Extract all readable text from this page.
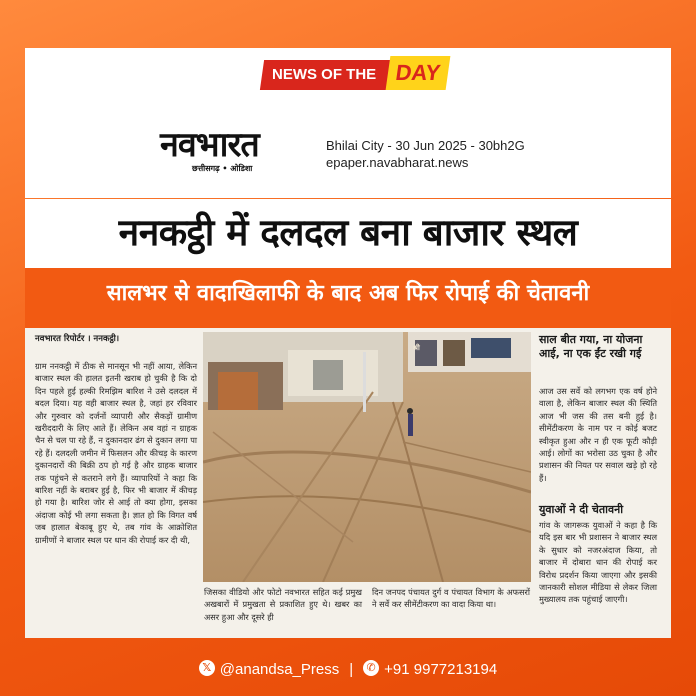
NEWS OF THE DAY
नवभारत
छत्तीसगढ़ • ओडिशा
Bhilai City - 30 Jun 2025 - 30bh2G
epaper.navabharat.news
ननकट्ठी में दलदल बना बाजार स्थल
सालभर से वादाखिलाफी के बाद अब फिर रोपाई की चेतावनी
नवभारत रिपोर्टर । ननकट्ठी।
ग्राम ननकट्ठी में ठीक से मानसून भी नहीं आया, लेकिन बाजार स्थल की हालत इतनी खराब हो चुकी है कि दो दिन पहले हुई हल्की रिमझिम बारिश ने उसे दलदल में बदल दिया। यह वही बाजार स्थल है, जहां हर रविवार और गुरुवार को दर्जनों व्यापारी और सैकड़ों ग्रामीण खरीददारी के लिए आते हैं। लेकिन अब वहां न ग्राहक चैन से चल पा रहे हैं, न दुकानदार ढंग से दुकान लगा पा रहे हैं। दलदली जमीन में फिसलन और कीचड़ के कारण दुकानदारों की बिक्री ठप हो गई है और ग्राहक बाजार तक पहुंचने से कतराने लगे हैं। व्यापारियों ने कहा कि बारिश नहीं के बराबर हुई है, फिर भी बाजार में कीचड़ हो गया है। बारिश जोर से आई तो क्या होगा, इसका अंदाजा कोई भी लगा सकता है। ज्ञात हो कि विगत वर्ष जब हालात बेकाबू हुए थे, तब गांव के आक्रोशित ग्रामीणों ने बाजार स्थल पर धान की रोपाई कर दी थी,
श्री
जिसका वीडियो और फोटो नवभारत सहित कई प्रमुख अखबारों में प्रमुखता से प्रकाशित हुए थे। खबर का असर हुआ और दूसरे ही
दिन जनपद पंचायत दुर्ग व पंचायत विभाग के अफसरों ने सर्वे कर सीमेंटीकरण का वादा किया था।
साल बीत गया, ना योजना आई, ना एक ईंट रखी गई
आज उस सर्वे को लगभग एक वर्ष होने वाला है, लेकिन बाजार स्थल की स्थिति आज भी जस की तस बनी हुई है। सीमेंटीकरण के नाम पर न कोई बजट स्वीकृत हुआ और न ही एक फूटी कौड़ी आई। लोगों का भरोसा उठ चुका है और प्रशासन की नियत पर सवाल खड़े हो रहे हैं।
युवाओं ने दी चेतावनी
गांव के जागरूक युवाओं ने कहा है कि यदि इस बार भी प्रशासन ने बाजार स्थल के सुधार को नजरअंदाज किया, तो बाजार में दोबारा धान की रोपाई कर विरोध प्रदर्शन किया जाएगा और इसकी जानकारी सोशल मीडिया से लेकर जिला मुख्यालय तक पहुंचाई जाएगी।
𝕏 @anandsa_Press | ✆ +91 9977213194
